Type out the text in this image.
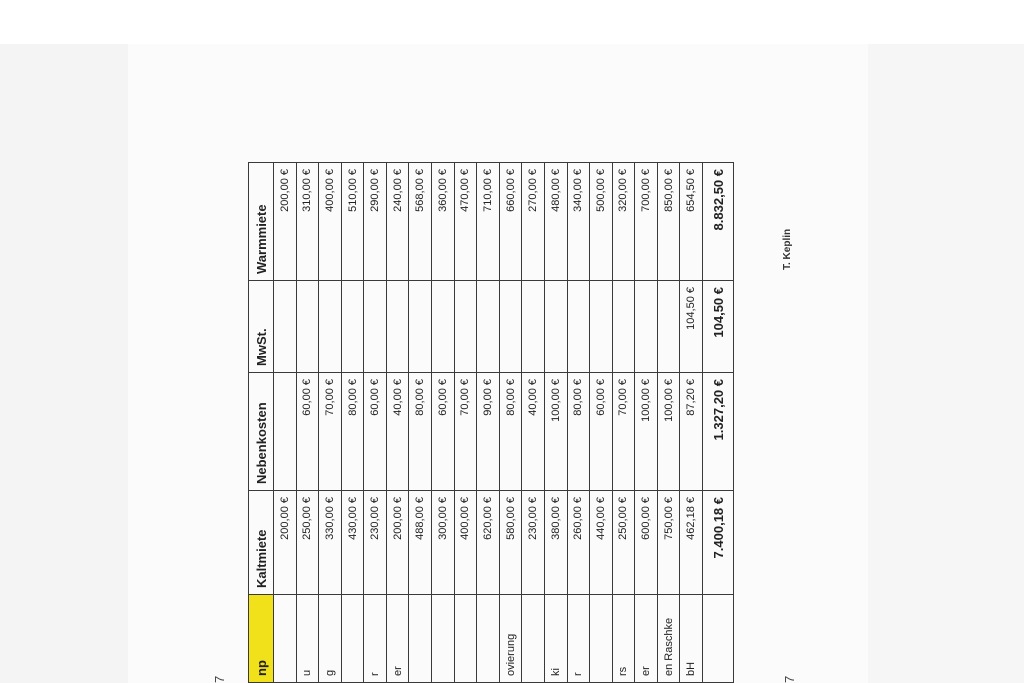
np	Kaltmiete	Nebenkosten	MwSt.	Warmmiete
	200,00 €			200,00 €
u	250,00 €	60,00 €		310,00 €
g	330,00 €	70,00 €		400,00 €
	430,00 €	80,00 €		510,00 €
r	230,00 €	60,00 €		290,00 €
er	200,00 €	40,00 €		240,00 €
	488,00 €	80,00 €		568,00 €
	300,00 €	60,00 €		360,00 €
	400,00 €	70,00 €		470,00 €
	620,00 €	90,00 €		710,00 €
ovierung	580,00 €	80,00 €		660,00 €
	230,00 €	40,00 €		270,00 €
ki	380,00 €	100,00 €		480,00 €
r	260,00 €	80,00 €		340,00 €
	440,00 €	60,00 €		500,00 €
rs	250,00 €	70,00 €		320,00 €
er	600,00 €	100,00 €		700,00 €
en Raschke	750,00 €	100,00 €		850,00 €
bH	462,18 €	87,20 €	104,50 €	654,50 €
	7.400,18 €	1.327,20 €	104,50 €	8.832,50 €
T. Keplin
7	7
